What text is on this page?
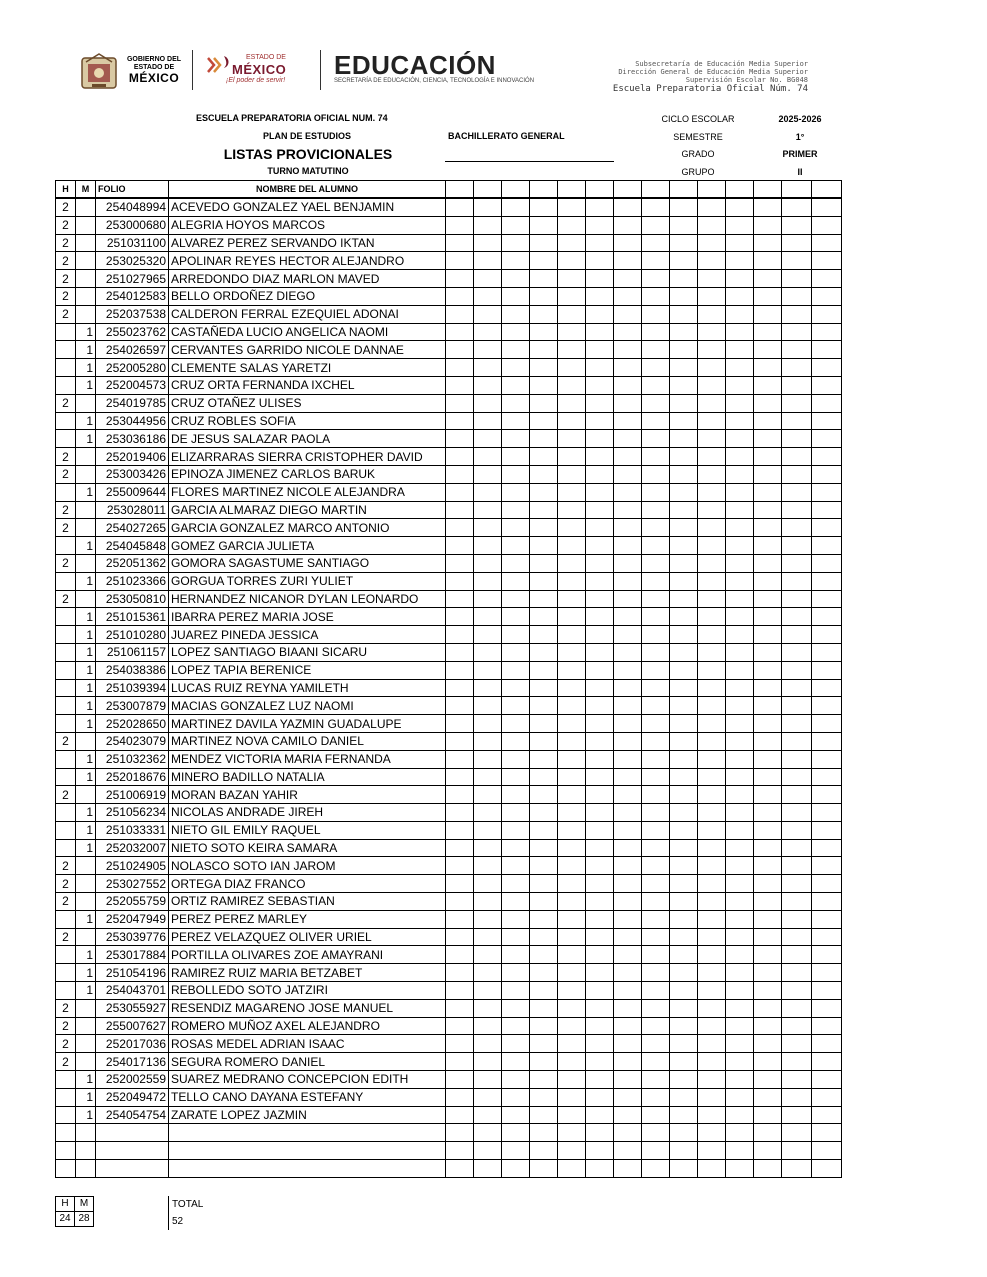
GOBIERNO DEL
ESTADO DE
MÉXICO
ESTADO DE
MÉXICO
¡El poder de servir!
EDUCACIÓN
SECRETARÍA DE EDUCACIÓN, CIENCIA, TECNOLOGÍA E INNOVACIÓN
Subsecretaría de Educación Media Superior
Dirección General de Educación Media Superior
Supervisión Escolar No. BG048
Escuela Preparatoria Oficial Núm. 74
ESCUELA PREPARATORIA OFICIAL NUM. 74
PLAN DE ESTUDIOS	BACHILLERATO GENERAL
LISTAS PROVICIONALES
TURNO MATUTINO
CICLO ESCOLAR	2025-2026
SEMESTRE	1°
GRADO	PRIMER
GRUPO	II
H	M	FOLIO	NOMBRE DEL ALUMNO														
2		254048994	ACEVEDO GONZALEZ YAEL BENJAMIN														
2		253000680	ALEGRIA HOYOS MARCOS														
2		251031100	ALVAREZ PEREZ SERVANDO IKTAN														
2		253025320	APOLINAR REYES HECTOR ALEJANDRO														
2		251027965	ARREDONDO DIAZ MARLON MAVED														
2		254012583	BELLO ORDOÑEZ DIEGO														
2		252037538	CALDERON FERRAL EZEQUIEL ADONAI														
	1	255023762	CASTAÑEDA LUCIO ANGELICA NAOMI														
	1	254026597	CERVANTES GARRIDO NICOLE DANNAE														
	1	252005280	CLEMENTE SALAS YARETZI														
	1	252004573	CRUZ ORTA FERNANDA IXCHEL														
2		254019785	CRUZ OTAÑEZ ULISES														
	1	253044956	CRUZ ROBLES SOFIA														
	1	253036186	DE JESUS SALAZAR PAOLA														
2		252019406	ELIZARRARAS SIERRA CRISTOPHER DAVID														
2		253003426	EPINOZA JIMENEZ CARLOS BARUK														
	1	255009644	FLORES MARTINEZ NICOLE ALEJANDRA														
2		253028011	GARCIA ALMARAZ DIEGO MARTIN														
2		254027265	GARCIA GONZALEZ MARCO ANTONIO														
	1	254045848	GOMEZ GARCIA JULIETA														
2		252051362	GOMORA SAGASTUME SANTIAGO														
	1	251023366	GORGUA TORRES ZURI YULIET														
2		253050810	HERNANDEZ NICANOR DYLAN LEONARDO														
	1	251015361	IBARRA PEREZ MARIA JOSE														
	1	251010280	JUAREZ PINEDA JESSICA														
	1	251061157	LOPEZ SANTIAGO BIAANI SICARU														
	1	254038386	LOPEZ TAPIA BERENICE														
	1	251039394	LUCAS RUIZ REYNA YAMILETH														
	1	253007879	MACIAS GONZALEZ LUZ NAOMI														
	1	252028650	MARTINEZ DAVILA YAZMIN GUADALUPE														
2		254023079	MARTINEZ NOVA CAMILO DANIEL														
	1	251032362	MENDEZ VICTORIA MARIA FERNANDA														
	1	252018676	MINERO BADILLO NATALIA														
2		251006919	MORAN BAZAN YAHIR														
	1	251056234	NICOLAS ANDRADE JIREH														
	1	251033331	NIETO GIL EMILY RAQUEL														
	1	252032007	NIETO SOTO KEIRA SAMARA														
2		251024905	NOLASCO SOTO IAN JAROM														
2		253027552	ORTEGA DIAZ FRANCO														
2		252055759	ORTIZ RAMIREZ SEBASTIAN														
	1	252047949	PEREZ PEREZ MARLEY														
2		253039776	PEREZ VELAZQUEZ OLIVER URIEL														
	1	253017884	PORTILLA OLIVARES ZOE AMAYRANI														
	1	251054196	RAMIREZ RUIZ MARIA BETZABET														
	1	254043701	REBOLLEDO SOTO JATZIRI														
2		253055927	RESENDIZ MAGARENO JOSE MANUEL														
2		255007627	ROMERO MUÑOZ AXEL ALEJANDRO														
2		252017036	ROSAS MEDEL ADRIAN ISAAC														
2		254017136	SEGURA ROMERO DANIEL														
	1	252002559	SUAREZ MEDRANO CONCEPCION EDITH														
	1	252049472	TELLO CANO DAYANA ESTEFANY														
	1	254054754	ZARATE LOPEZ JAZMIN														

H	M
24	28
TOTAL
52
